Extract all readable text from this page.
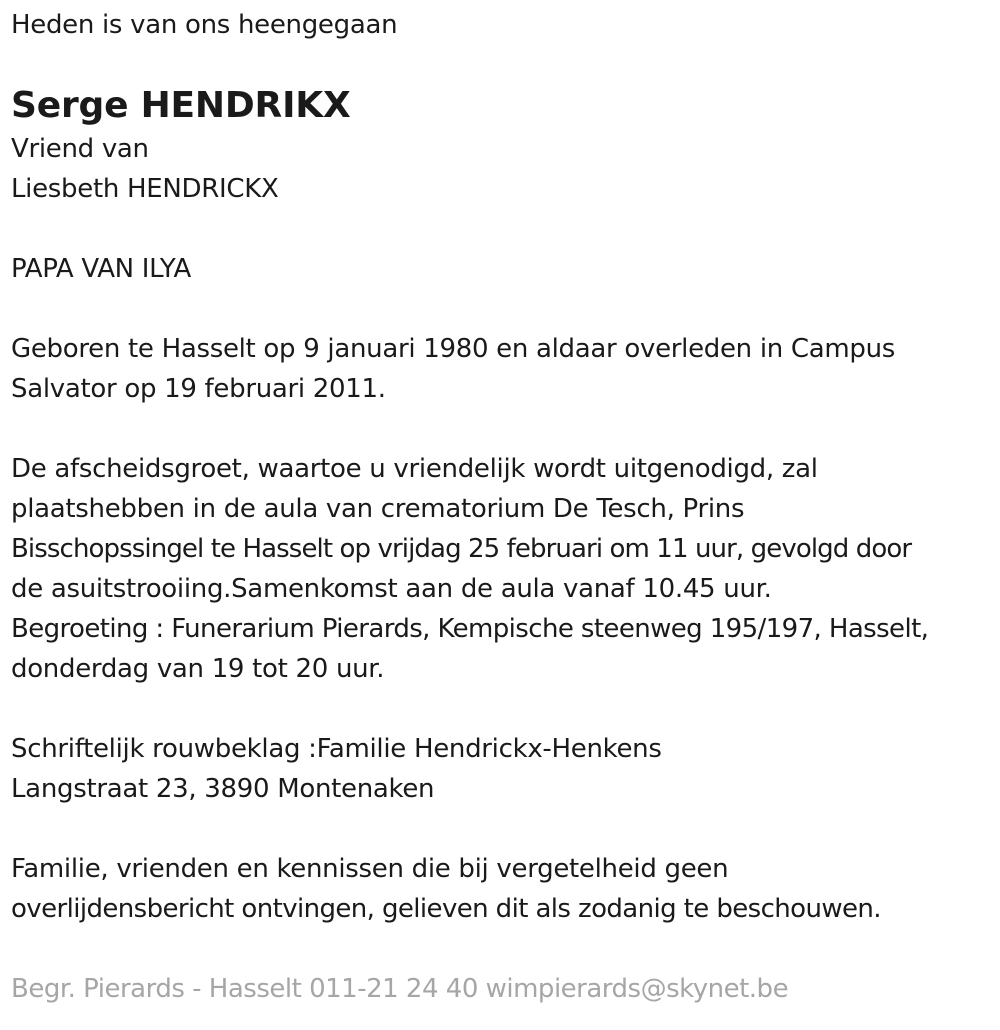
Heden is van ons heengegaan
Serge HENDRIKX
Vriend van
Liesbeth HENDRICKX
PAPA VAN ILYA
Geboren te Hasselt op 9 januari 1980 en aldaar overleden in Campus
Salvator op 19 februari 2011.
De afscheidsgroet, waartoe u vriendelijk wordt uitgenodigd, zal
plaatshebben in de aula van crematorium De Tesch, Prins
Bisschopssingel te Hasselt op vrijdag 25 februari om 11 uur, gevolgd door
de asuitstrooiing.Samenkomst aan de aula vanaf 10.45 uur.
Begroeting : Funerarium Pierards, Kempische steenweg 195/197, Hasselt,
donderdag van 19 tot 20 uur.
Schriftelijk rouwbeklag :Familie Hendrickx-Henkens
Langstraat 23, 3890 Montenaken
Familie, vrienden en kennissen die bij vergetelheid geen
overlijdensbericht ontvingen, gelieven dit als zodanig te beschouwen.
Begr. Pierards - Hasselt 011-21 24 40 wimpierards@skynet.be
